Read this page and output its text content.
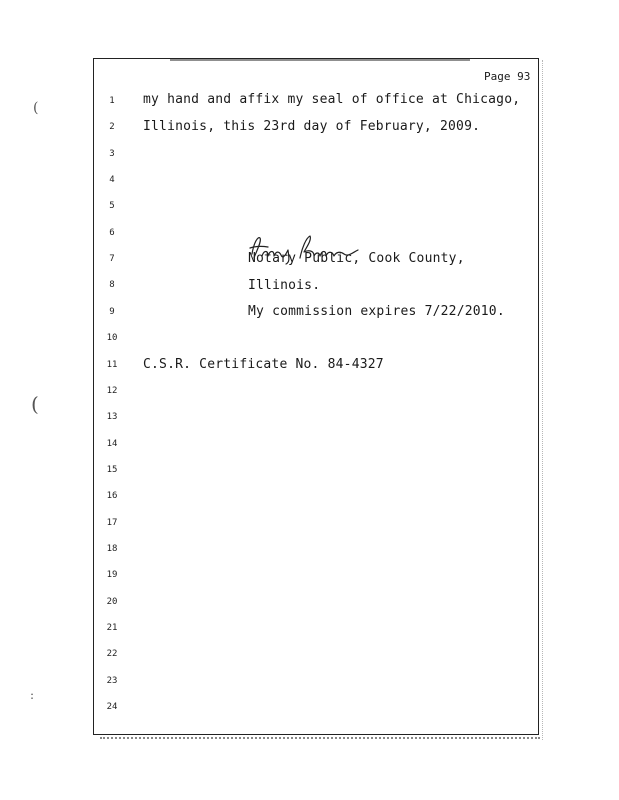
(
(
:
Page 93
1
2
3
4
5
6
7
8
9
10
11
12
13
14
15
16
17
18
19
20
21
22
23
24
my hand and affix my seal of office at Chicago,
Illinois, this 23rd day of February, 2009.
Notary Public, Cook County,
Illinois.
My commission expires 7/22/2010.
C.S.R. Certificate No. 84-4327
